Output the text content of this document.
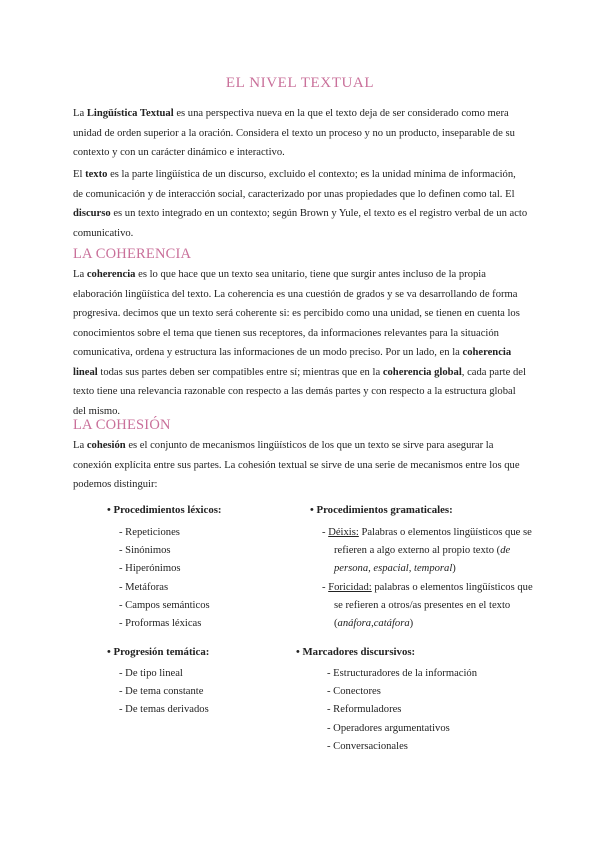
EL NIVEL TEXTUAL

La Lingüística Textual es una perspectiva nueva en la que el texto deja de ser considerado como mera unidad de orden superior a la oración. Considera el texto un proceso y no un producto, inseparable de su contexto y con un carácter dinámico e interactivo.

El texto es la parte lingüística de un discurso, excluido el contexto; es la unidad mínima de información, de comunicación y de interacción social, caracterizado por unas propiedades que lo definen como tal. El discurso es un texto integrado en un contexto; según Brown y Yule, el texto es el registro verbal de un acto comunicativo.

LA COHERENCIA

La coherencia es lo que hace que un texto sea unitario, tiene que surgir antes incluso de la propia elaboración lingüística del texto. La coherencia es una cuestión de grados y se va desarrollando de forma progresiva. decimos que un texto será coherente si: es percibido como una unidad, se tienen en cuenta los conocimientos sobre el tema que tienen sus receptores, da informaciones relevantes para la situación comunicativa, ordena y estructura las informaciones de un modo preciso. Por un lado, en la coherencia lineal todas sus partes deben ser compatibles entre sí; mientras que en la coherencia global, cada parte del texto tiene una relevancia razonable con respecto a las demás partes y con respecto a la estructura global del mismo.

LA COHESIÓN

La cohesión es el conjunto de mecanismos lingüísticos de los que un texto se sirve para asegurar la conexión explícita entre sus partes. La cohesión textual se sirve de una serie de mecanismos entre los que podemos distinguir:

• Procedimientos léxicos:
- Repeticiones
- Sinónimos
- Hiperónimos
- Metáforas
- Campos semánticos
- Proformas léxicas
• Procedimientos gramaticales:
- Déixis: Palabras o elementos lingüísticos que se refieren a algo externo al propio texto (de persona, espacial, temporal)
- Foricidad: palabras o elementos lingüísticos que se refieren a otros/as presentes en el texto (anáfora,catáfora)
• Progresión temática:
- De tipo lineal
- De tema constante
- De temas derivados
• Marcadores discursivos:
- Estructuradores de la información
- Conectores
- Reformuladores
- Operadores argumentativos
- Conversacionales
